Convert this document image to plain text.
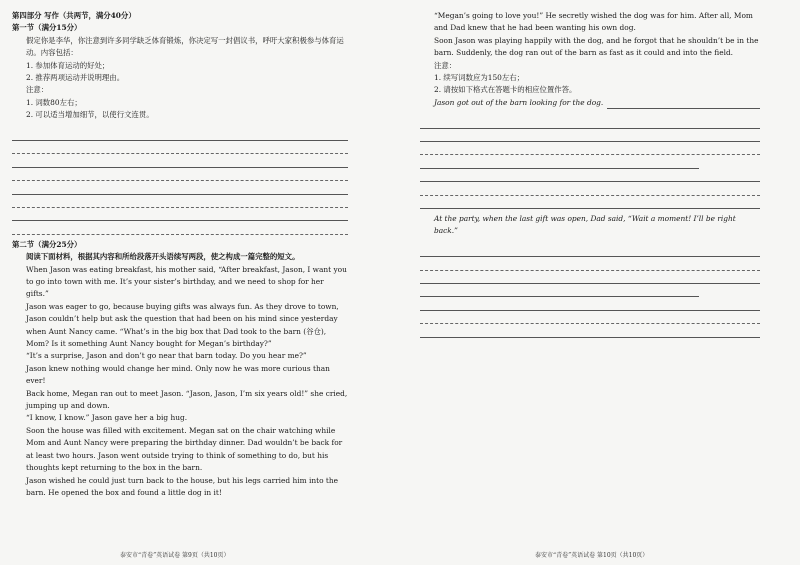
第四部分 写作（共两节，满分40分）

第一节（满分15分）

假定你是李华，你注意到许多同学缺乏体育锻炼，你决定写一封倡议书，呼吁大家积极参与体育运动。内容包括：

1. 参加体育运动的好处；

2. 推荐两项运动并说明理由。

注意：

1. 词数80左右；

2. 可以适当增加细节，以使行文连贯。

第二节（满分25分）

阅读下面材料，根据其内容和所给段落开头语续写两段，使之构成一篇完整的短文。

When Jason was eating breakfast, his mother said, “After breakfast, Jason, I want you to go into town with me. It’s your sister’s birthday, and we need to shop for her gifts.”

Jason was eager to go, because buying gifts was always fun. As they drove to town, Jason couldn’t help but ask the question that had been on his mind since yesterday when Aunt Nancy came. “What’s in the big box that Dad took to the barn (谷仓), Mom? Is it something Aunt Nancy bought for Megan’s birthday?”

“It’s a surprise, Jason and don’t go near that barn today. Do you hear me?”

Jason knew nothing would change her mind. Only now he was more curious than ever!

Back home, Megan ran out to meet Jason. “Jason, Jason, I’m six years old!” she cried, jumping up and down.

“I know, I know.” Jason gave her a big hug.

Soon the house was filled with excitement. Megan sat on the chair watching while Mom and Aunt Nancy were preparing the birthday dinner. Dad wouldn’t be back for at least two hours. Jason went outside trying to think of something to do, but his thoughts kept returning to the box in the barn.

Jason wished he could just turn back to the house, but his legs carried him into the barn. He opened the box and found a little dog in it!

泰安市“青卷”英语试卷 第9页（共10页）

“Megan’s going to love you!” He secretly wished the dog was for him. After all, Mom and Dad knew that he had been wanting his own dog.

Soon Jason was playing happily with the dog, and he forgot that he shouldn’t be in the barn. Suddenly, the dog ran out of the barn as fast as it could and into the field.

注意：

1. 续写词数应为150左右；

2. 请按如下格式在答题卡的相应位置作答。

Jason got out of the barn looking for the dog.
At the party, when the last gift was open, Dad said, “Wait a moment! I’ll be right back.”
泰安市“青卷”英语试卷 第10页（共10页）
